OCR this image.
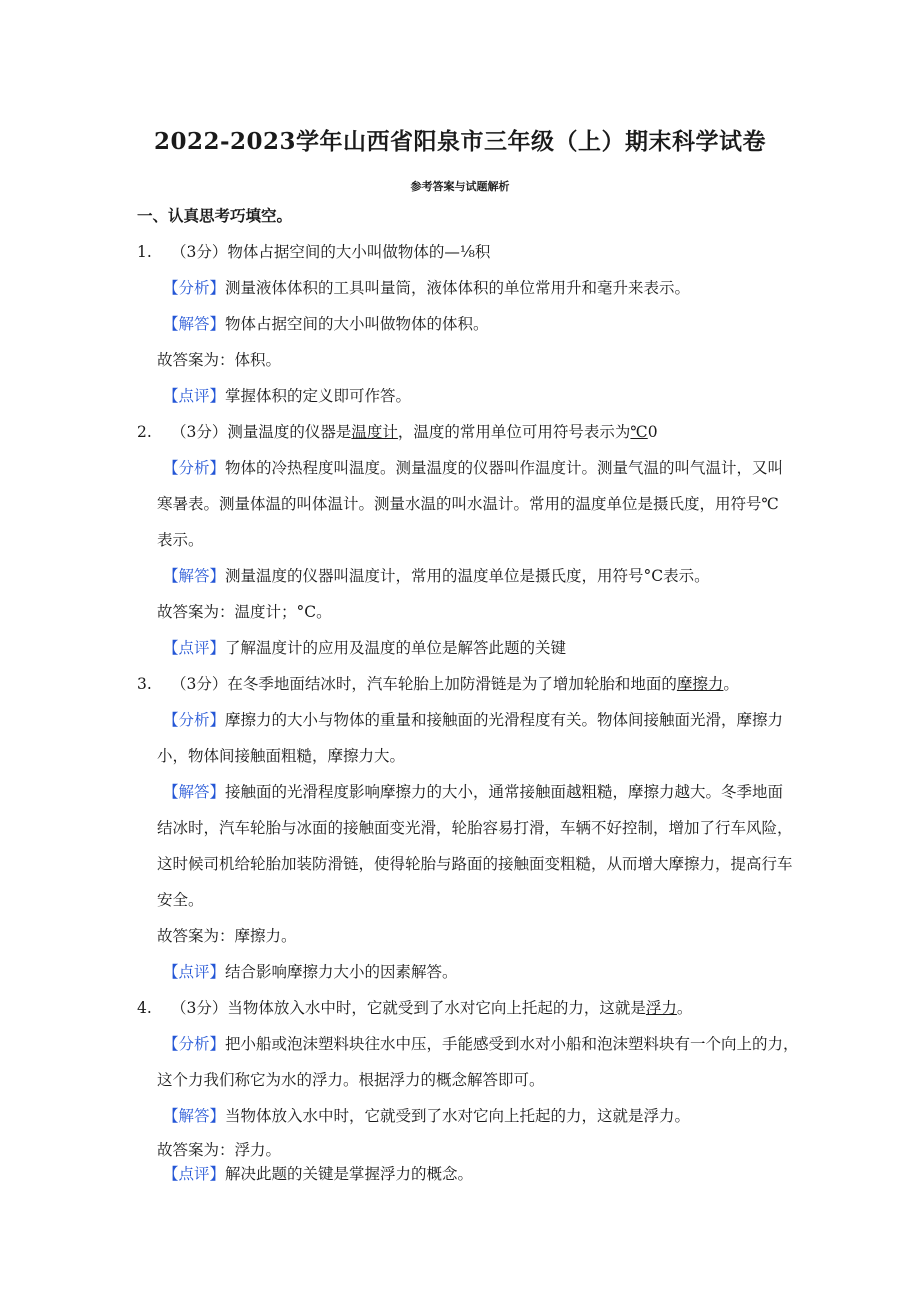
2022-2023学年山西省阳泉市三年级（上）期末科学试卷
参考答案与试题解析
一、认真思考巧填空。
1. （3分）物体占据空间的大小叫做物体的—⅛积
【分析】测量液体体积的工具叫量筒，液体体积的单位常用升和毫升来表示。
【解答】物体占据空间的大小叫做物体的体积。
故答案为：体积。
【点评】掌握体积的定义即可作答。
2. （3分）测量温度的仪器是温度计，温度的常用单位可用符号表示为℃0
【分析】物体的冷热程度叫温度。测量温度的仪器叫作温度计。测量气温的叫气温计，又叫
寒暑表。测量体温的叫体温计。测量水温的叫水温计。常用的温度单位是摄氏度，用符号℃
表示。
【解答】测量温度的仪器叫温度计，常用的温度单位是摄氏度，用符号°C表示。
故答案为：温度计；°C。
【点评】了解温度计的应用及温度的单位是解答此题的关键
3. （3分）在冬季地面结冰时，汽车轮胎上加防滑链是为了增加轮胎和地面的摩擦力。
【分析】摩擦力的大小与物体的重量和接触面的光滑程度有关。物体间接触面光滑，摩擦力
小，物体间接触面粗糙，摩擦力大。
【解答】接触面的光滑程度影响摩擦力的大小，通常接触面越粗糙，摩擦力越大。冬季地面
结冰时，汽车轮胎与冰面的接触面变光滑，轮胎容易打滑，车辆不好控制，增加了行车风险，
这时候司机给轮胎加装防滑链，使得轮胎与路面的接触面变粗糙，从而增大摩擦力，提高行车
安全。
故答案为：摩擦力。
【点评】结合影响摩擦力大小的因素解答。
4. （3分）当物体放入水中时，它就受到了水对它向上托起的力，这就是浮力。
【分析】把小船或泡沫塑料块往水中压，手能感受到水对小船和泡沫塑料块有一个向上的力，
这个力我们称它为水的浮力。根据浮力的概念解答即可。
【解答】当物体放入水中时，它就受到了水对它向上托起的力，这就是浮力。
故答案为：浮力。
【点评】解决此题的关键是掌握浮力的概念。
